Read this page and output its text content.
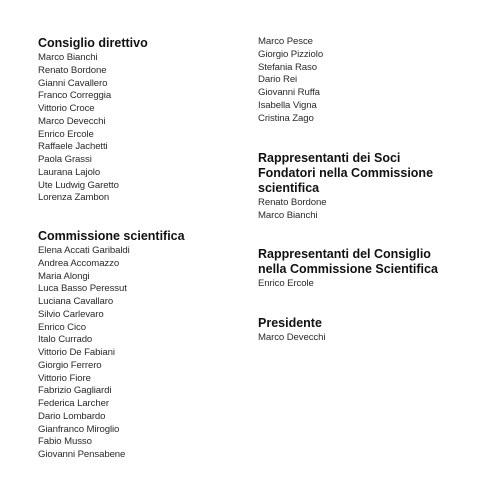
Consiglio direttivo
Marco Bianchi
Renato Bordone
Gianni Cavallero
Franco Correggia
Vittorio Croce
Marco Devecchi
Enrico Ercole
Raffaele Jachetti
Paola Grassi
Laurana Lajolo
Ute Ludwig Garetto
Lorenza Zambon
Commissione scientifica
Elena Accati Garibaldi
Andrea Accomazzo
Maria Alongi
Luca Basso Peressut
Luciana Cavallaro
Silvio Carlevaro
Enrico Cico
Italo Currado
Vittorio De Fabiani
Giorgio Ferrero
Vittorio Fiore
Fabrizio Gagliardi
Federica Larcher
Dario Lombardo
Gianfranco Miroglio
Fabio Musso
Giovanni Pensabene
Marco Pesce
Giorgio Pizziolo
Stefania Raso
Dario Rei
Giovanni Ruffa
Isabella Vigna
Cristina Zago
Rappresentanti dei Soci
Fondatori nella Commissione
scientifica
Renato Bordone
Marco Bianchi
Rappresentanti del Consiglio
nella Commissione Scientifica
Enrico Ercole
Presidente
Marco Devecchi
